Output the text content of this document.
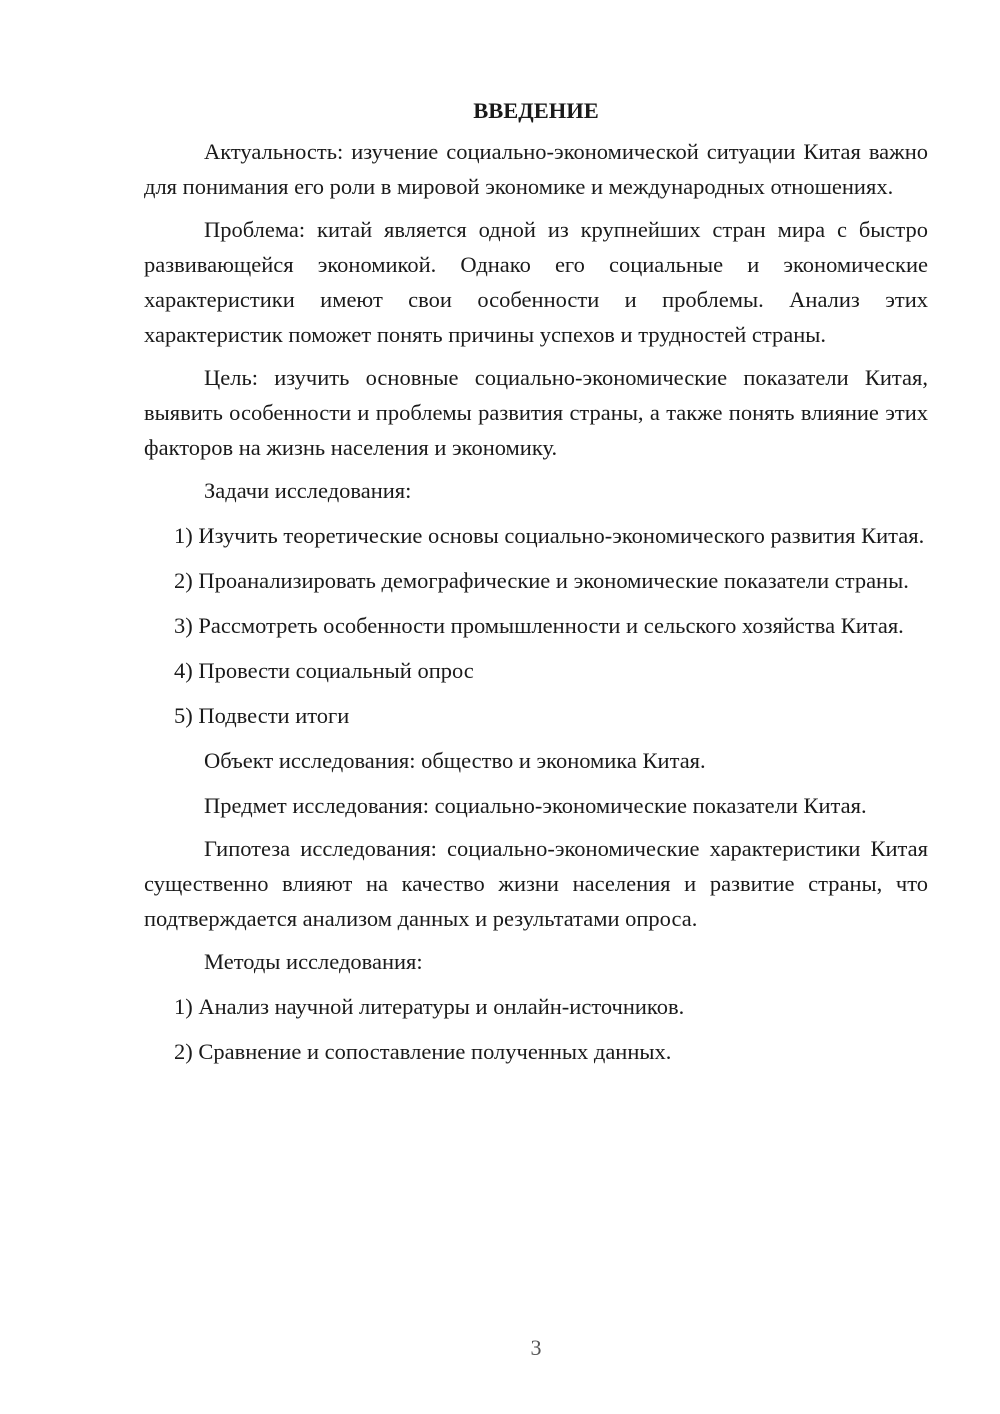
ВВЕДЕНИЕ

Актуальность: изучение социально-экономической ситуации Китая важно для понимания его роли в мировой экономике и международных отношениях.

Проблема: китай является одной из крупнейших стран мира с быстро развивающейся экономикой. Однако его социальные и экономические характеристики имеют свои особенности и проблемы. Анализ этих характеристик поможет понять причины успехов и трудностей страны.

Цель: изучить основные социально-экономические показатели Китая, выявить особенности и проблемы развития страны, а также понять влияние этих факторов на жизнь населения и экономику.

Задачи исследования:

1) Изучить теоретические основы социально-экономического развития Китая.

2) Проанализировать демографические и экономические показатели страны.

3) Рассмотреть особенности промышленности и сельского хозяйства Китая.

4) Провести социальный опрос

5) Подвести итоги

Объект исследования: общество и экономика Китая.

Предмет исследования: социально-экономические показатели Китая.

Гипотеза исследования: социально-экономические характеристики Китая существенно влияют на качество жизни населения и развитие страны, что подтверждается анализом данных и результатами опроса.

Методы исследования:

1) Анализ научной литературы и онлайн-источников.

2) Сравнение и сопоставление полученных данных.

3
